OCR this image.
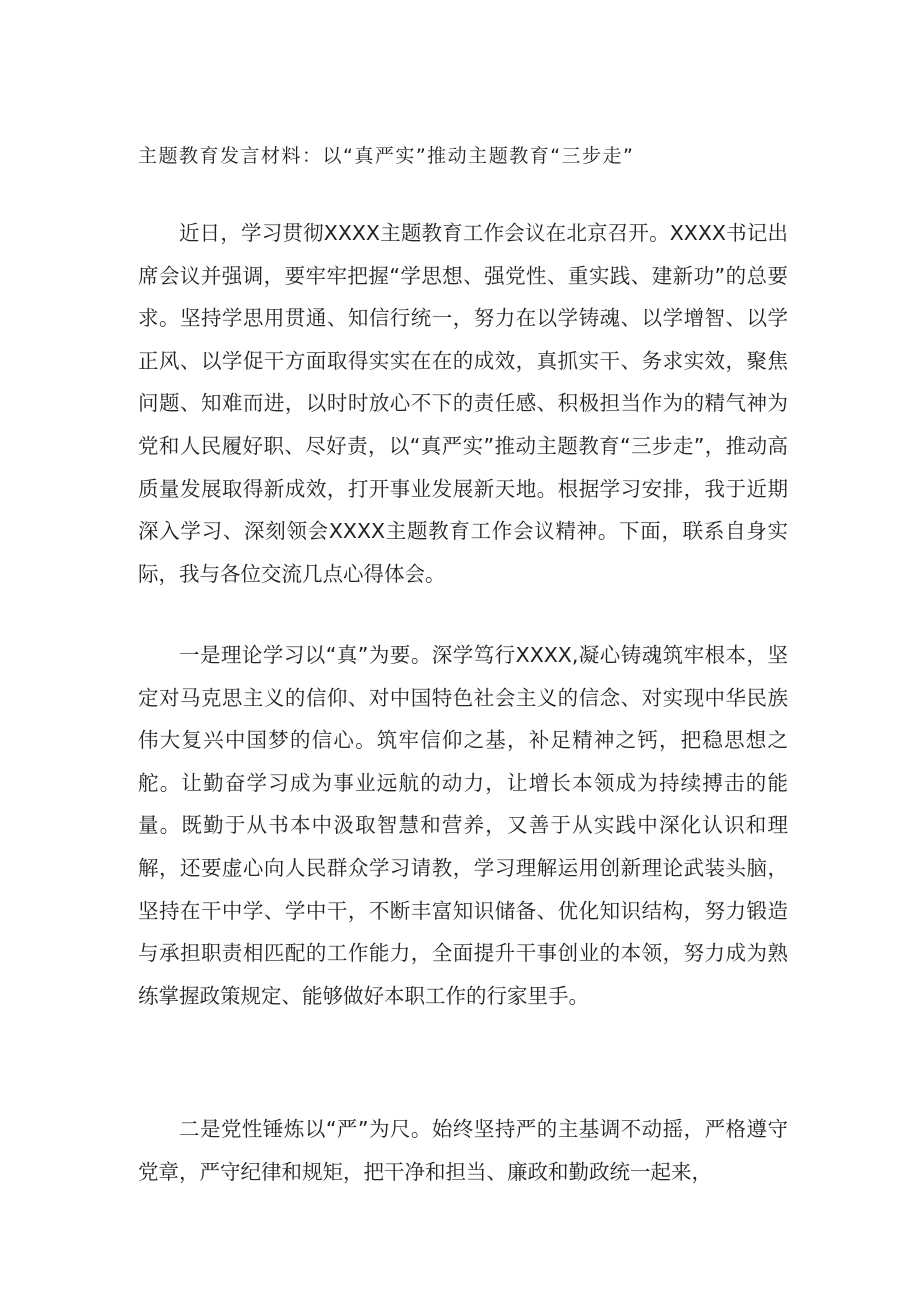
主题教育发言材料：以“真严实”推动主题教育“三步走”

近日，学习贯彻XXXX主题教育工作会议在北京召开。XXXX书记出席会议并强调，要牢牢把握“学思想、强党性、重实践、建新功”的总要求。坚持学思用贯通、知信行统一，努力在以学铸魂、以学增智、以学正风、以学促干方面取得实实在在的成效，真抓实干、务求实效，聚焦问题、知难而进，以时时放心不下的责任感、积极担当作为的精气神为党和人民履好职、尽好责，以“真严实”推动主题教育“三步走”，推动高质量发展取得新成效，打开事业发展新天地。根据学习安排，我于近期深入学习、深刻领会XXXX主题教育工作会议精神。下面，联系自身实际，我与各位交流几点心得体会。

一是理论学习以“真”为要。深学笃行XXXX,凝心铸魂筑牢根本，坚定对马克思主义的信仰、对中国特色社会主义的信念、对实现中华民族伟大复兴中国梦的信心。筑牢信仰之基，补足精神之钙，把稳思想之舵。让勤奋学习成为事业远航的动力，让增长本领成为持续搏击的能量。既勤于从书本中汲取智慧和营养，又善于从实践中深化认识和理解，还要虚心向人民群众学习请教，学习理解运用创新理论武装头脑，坚持在干中学、学中干，不断丰富知识储备、优化知识结构，努力锻造与承担职责相匹配的工作能力，全面提升干事创业的本领，努力成为熟练掌握政策规定、能够做好本职工作的行家里手。

二是党性锤炼以“严”为尺。始终坚持严的主基调不动摇，严格遵守党章，严守纪律和规矩，把干净和担当、廉政和勤政统一起来，
